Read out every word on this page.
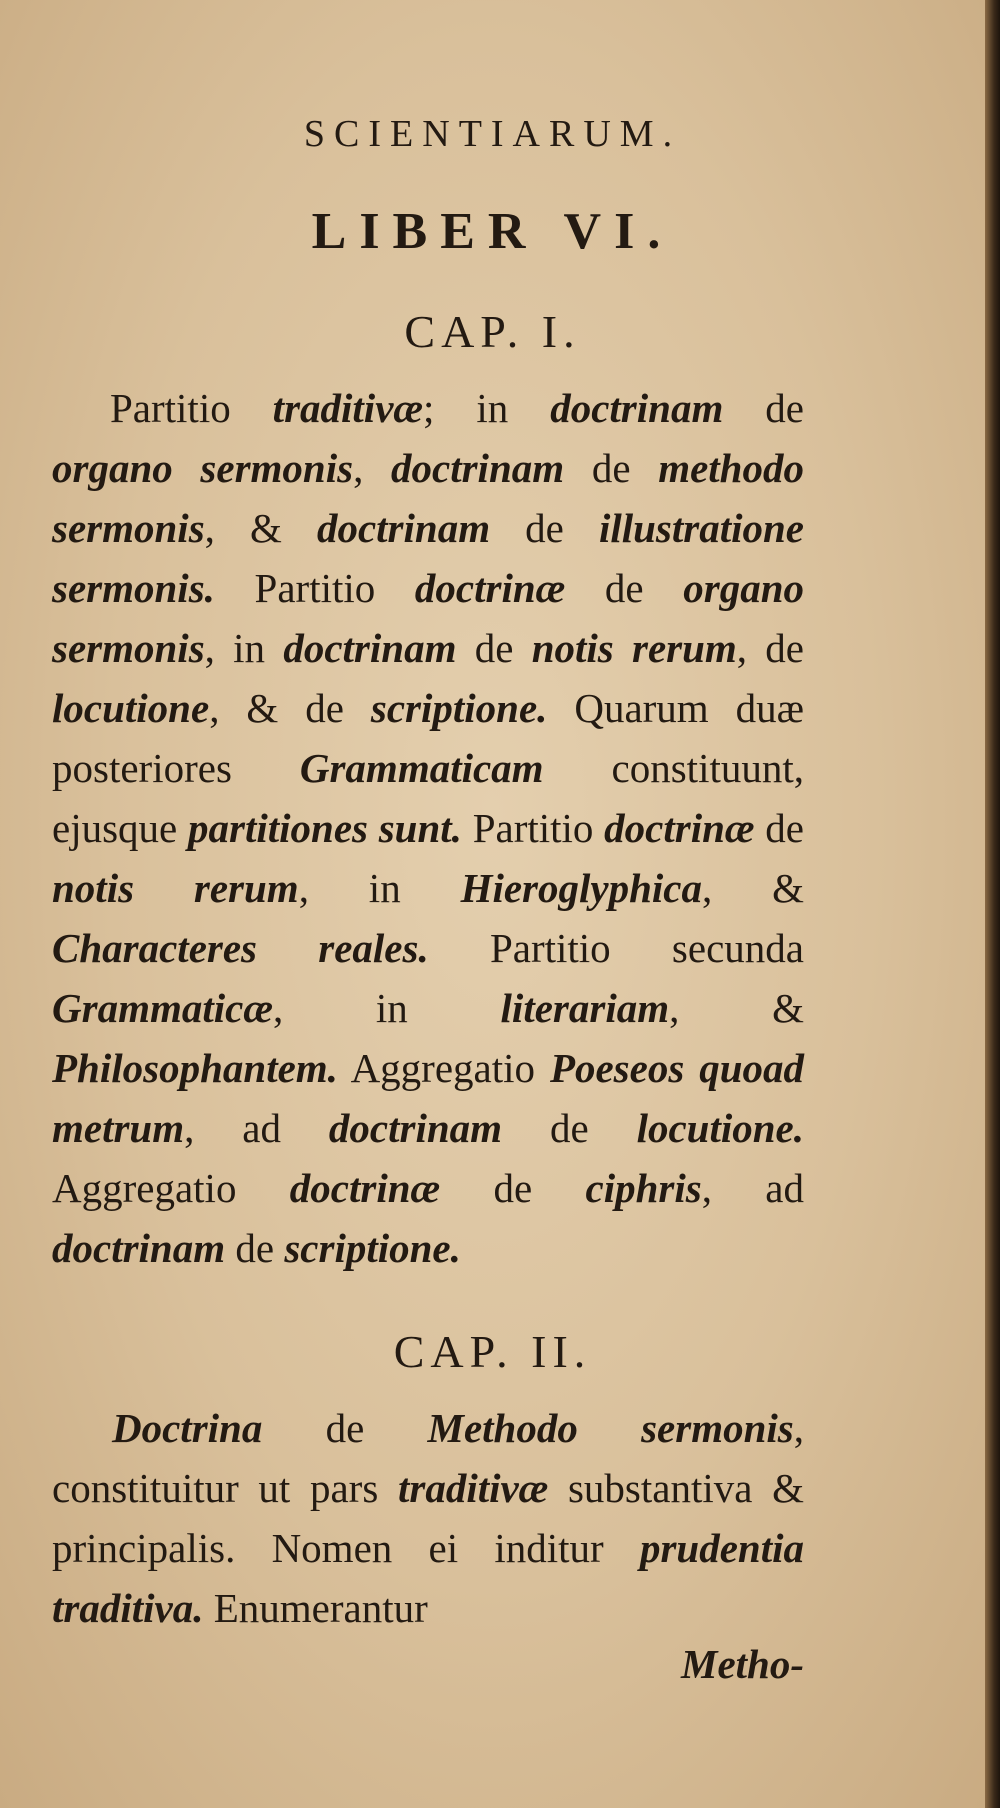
SCIENTIARUM.
LIBER VI.
CAP. I.
Partitio traditivæ; in doctrinam de organo sermonis, doctrinam de methodo sermonis, & doctrinam de illustratione sermonis. Partitio doctrinæ de organo sermonis, in doctrinam de notis rerum, de locutione, & de scriptione. Quarum duæ posteriores Grammaticam constituunt, ejusque partitiones sunt. Partitio doctrinæ de notis rerum, in Hieroglyphica, & Characteres reales. Partitio secunda Grammaticæ, in literariam, & Philosophantem. Aggregatio Poeseos quoad metrum, ad doctrinam de locutione. Aggregatio doctrinæ de ciphris, ad doctrinam de scriptione.
CAP. II.
Doctrina de Methodo sermonis, constituitur ut pars traditivæ substantiva & principalis. Nomen ei inditur prudentia traditiva. Enumerantur
Metho-
